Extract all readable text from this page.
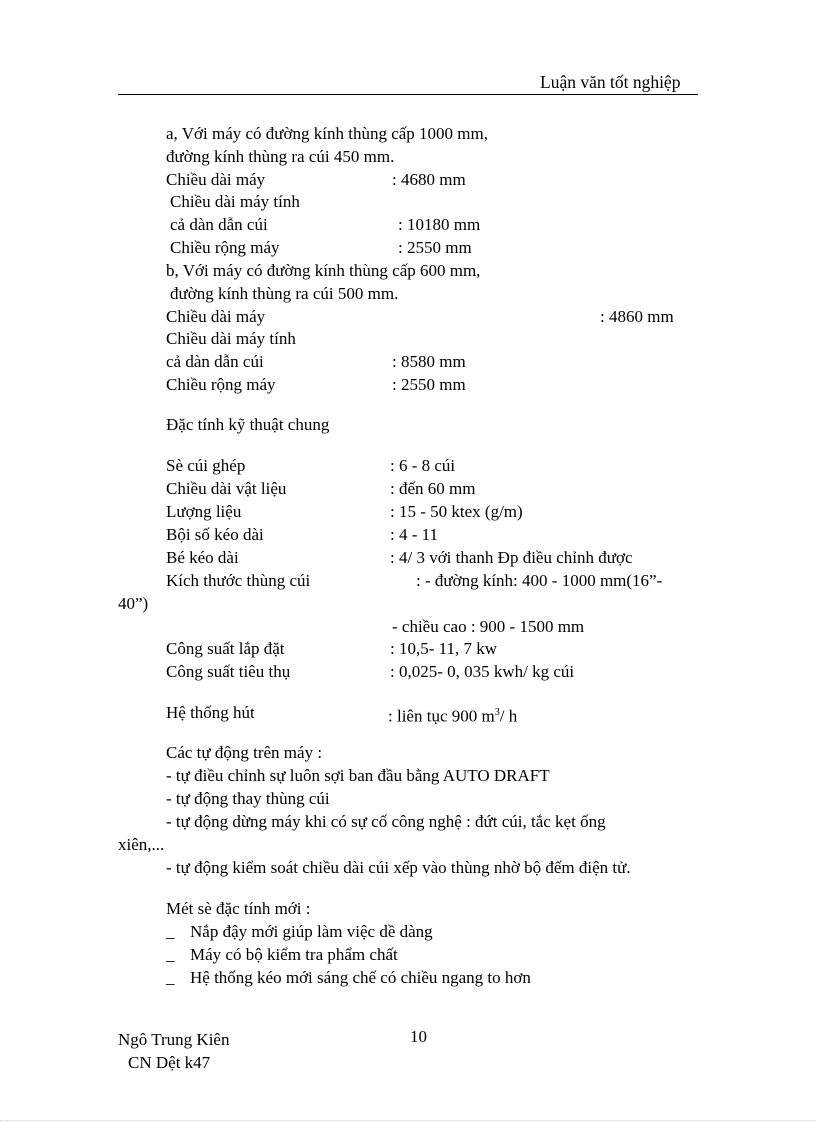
Luận văn tốt nghiệp
a, Với máy có đường kính thùng cấp 1000 mm,
đường kính thùng ra cúi 450 mm.
Chiều dài máy	: 4680 mm
Chiều dài máy tính
cả dàn dẫn cúi	: 10180 mm
Chiều rộng máy	: 2550 mm
b, Với máy có đường kính thùng cấp 600 mm,
đường kính thùng ra cúi 500 mm.
Chiều dài máy	: 4860 mm
Chiều dài máy tính
cả dàn dẫn cúi	: 8580 mm
Chiều rộng máy	: 2550 mm
Đặc tính kỹ thuật chung
Sè cúi ghép	: 6 - 8 cúi
Chiều dài vật liệu	: đến 60 mm
Lượng liệu	: 15 - 50 ktex (g/m)
Bội số kéo dài	: 4 - 11
Bé kéo dài	: 4/ 3 với thanh Đp điều chỉnh được
Kích thước thùng cúi	: - đường kính: 400 - 1000 mm(16”-
40”)
- chiều cao : 900 - 1500 mm
Công suất lắp đặt	: 10,5- 11, 7 kw
Công suất tiêu thụ	: 0,025- 0, 035 kwh/ kg cúi
Hệ thống hút	: liên tục 900 $m^3/$ h
Các tự động trên máy :
- tự điều chỉnh sự luôn sợi ban đầu bằng AUTO DRAFT
- tự động thay thùng cúi
- tự động dừng máy khi có sự cố công nghệ : đứt cúi, tắc kẹt ống
xiên,...
- tự động kiểm soát chiều dài cúi xếp vào thùng nhờ bộ đếm điện tử.
Mét sè đặc tính mới :
_ Nắp đậy mới giúp làm việc dề dàng
_ Máy có bộ kiểm tra phẩm chất
_ Hệ thống kéo mới sáng chế có chiều ngang to hơn
Ngô Trung Kiên	10
CN Dệt k47
